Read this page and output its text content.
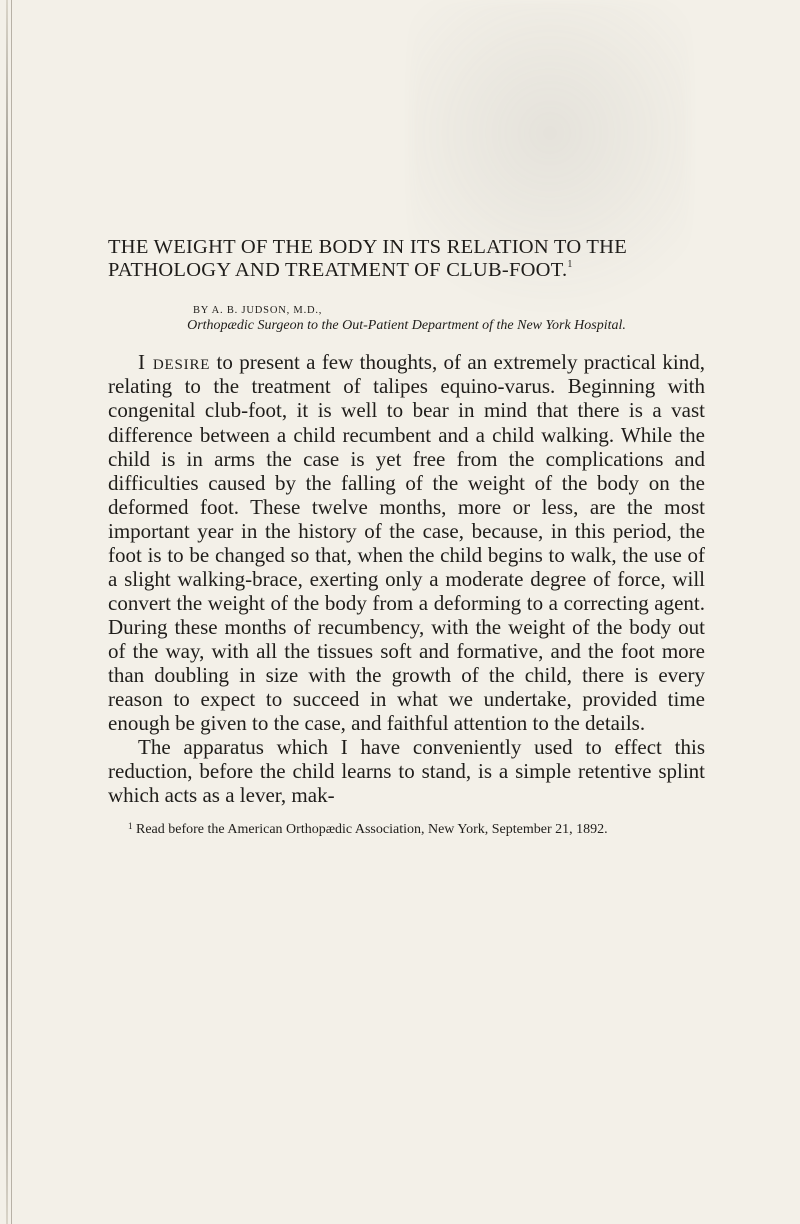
THE WEIGHT OF THE BODY IN ITS RELATION TO THE PATHOLOGY AND TREATMENT OF CLUB-FOOT.$^1$
BY A. B. JUDSON, M.D.,
Orthopædic Surgeon to the Out-Patient Department of the New York Hospital.

I desire to present a few thoughts, of an extremely practical kind, relating to the treatment of talipes equino-varus. Beginning with congenital club-foot, it is well to bear in mind that there is a vast difference between a child recumbent and a child walking. While the child is in arms the case is yet free from the complications and difficulties caused by the falling of the weight of the body on the deformed foot. These twelve months, more or less, are the most important year in the history of the case, because, in this period, the foot is to be changed so that, when the child begins to walk, the use of a slight walking-brace, exerting only a moderate degree of force, will convert the weight of the body from a deforming to a correcting agent. During these months of recumbency, with the weight of the body out of the way, with all the tissues soft and formative, and the foot more than doubling in size with the growth of the child, there is every reason to expect to succeed in what we undertake, provided time enough be given to the case, and faithful attention to the details.

The apparatus which I have conveniently used to effect this reduction, before the child learns to stand, is a simple retentive splint which acts as a lever, mak-

$^1$ Read before the American Orthopædic Association, New York, September 21, 1892.
